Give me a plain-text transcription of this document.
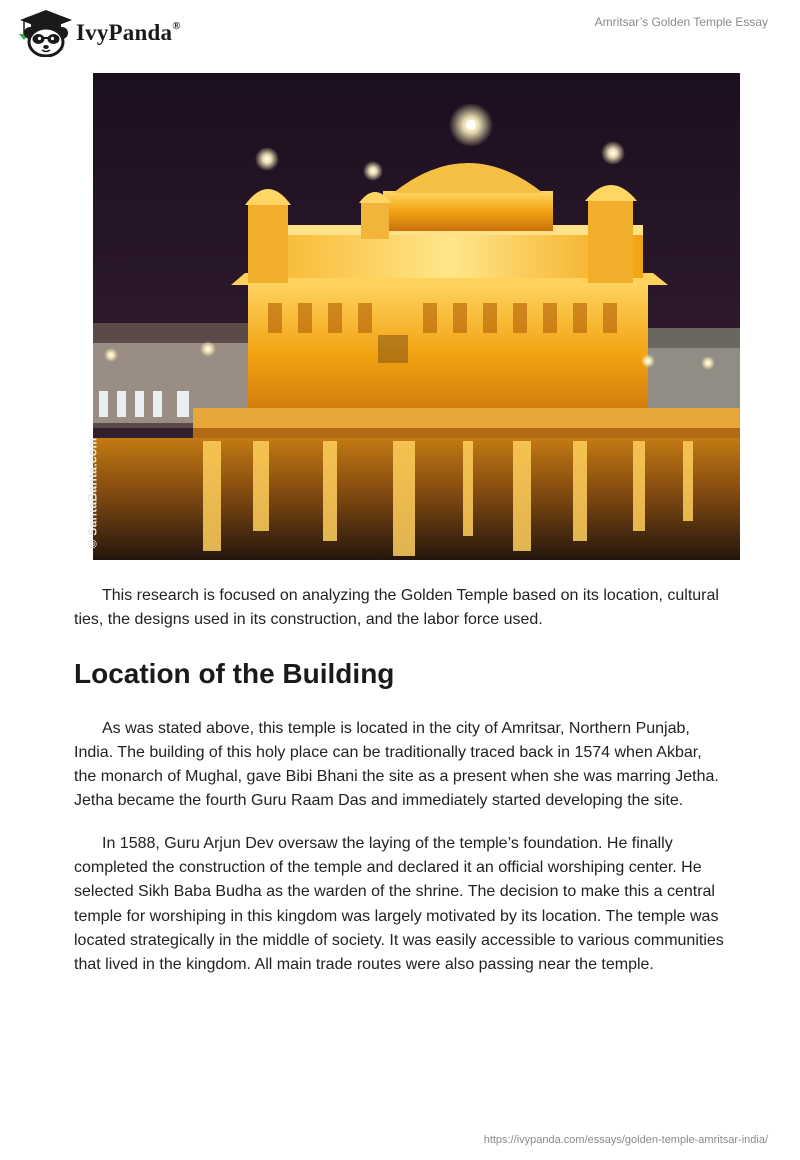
IvyPanda®	Amritsar’s Golden Temple Essay
© SantaBanta.com

This research is focused on analyzing the Golden Temple based on its location, cultural ties, the designs used in its construction, and the labor force used.

Location of the Building

As was stated above, this temple is located in the city of Amritsar, Northern Punjab, India. The building of this holy place can be traditionally traced back in 1574 when Akbar, the monarch of Mughal, gave Bibi Bhani the site as a present when she was marring Jetha. Jetha became the fourth Guru Raam Das and immediately started developing the site.

In 1588, Guru Arjun Dev oversaw the laying of the temple’s foundation. He finally completed the construction of the temple and declared it an official worshiping center. He selected Sikh Baba Budha as the warden of the shrine. The decision to make this a central temple for worshiping in this kingdom was largely motivated by its location. The temple was located strategically in the middle of society. It was easily accessible to various communities that lived in the kingdom. All main trade routes were also passing near the temple.

https://ivypanda.com/essays/golden-temple-amritsar-india/
